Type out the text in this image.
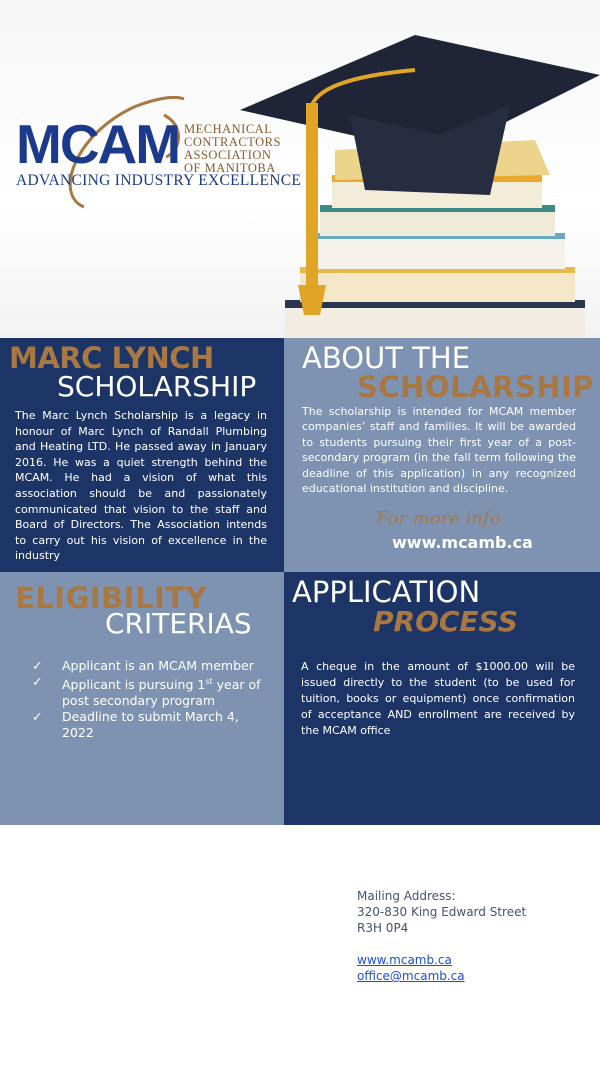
MCAM MECHANICAL
CONTRACTORS
ASSOCIATION
OF MANITOBA
ADVANCING INDUSTRY EXCELLENCE
MARC LYNCH
SCHOLARSHIP
The Marc Lynch Scholarship is a legacy in honour of Marc Lynch of Randall Plumbing and Heating LTD. He passed away in January 2016. He was a quiet strength behind the MCAM. He had a vision of what this association should be and passionately communicated that vision to the staff and Board of Directors. The Association intends to carry out his vision of excellence in the industry
ABOUT THE
SCHOLARSHIP
The scholarship is intended for MCAM member companies’ staff and families. It will be awarded to students pursuing their first year of a post-secondary program (in the fall term following the deadline of this application) in any recognized educational institution and discipline.
For more info
www.mcamb.ca
ELIGIBILITY
CRITERIAS
✓ Applicant is an MCAM member
✓ Applicant is pursuing 1st year of post secondary program
✓ Deadline to submit March 4, 2022
APPLICATION
PROCESS
A cheque in the amount of $1000.00 will be issued directly to the student (to be used for tuition, books or equipment) once confirmation of acceptance AND enrollment are received by the MCAM office
Mailing Address:
320-830 King Edward Street
R3H 0P4
www.mcamb.ca
office@mcamb.ca
